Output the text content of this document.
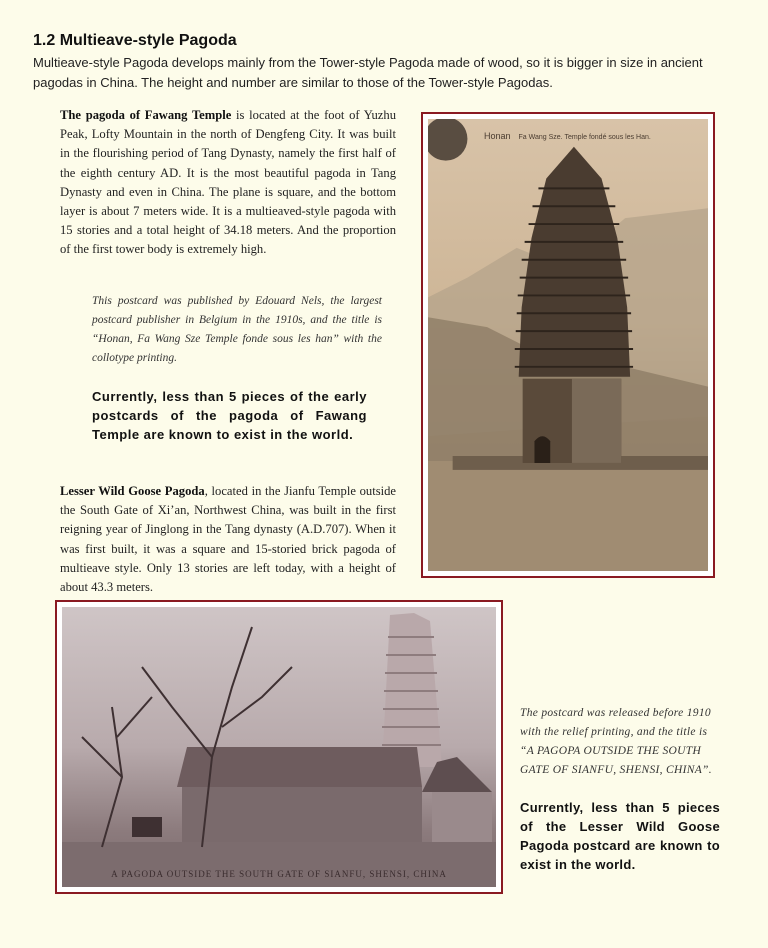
1.2 Multieave-style Pagoda
Multieave-style Pagoda develops mainly from the Tower-style Pagoda made of wood, so it is bigger in size in ancient pagodas in China. The height and number are similar to those of the Tower-style Pagodas.
The pagoda of Fawang Temple is located at the foot of Yuzhu Peak, Lofty Mountain in the north of Dengfeng City. It was built in the flourishing period of Tang Dynasty, namely the first half of the eighth century AD. It is the most beautiful pagoda in Tang Dynasty and even in China. The plane is square, and the bottom layer is about 7 meters wide. It is a multieaved-style pagoda with 15 stories and a total height of 34.18 meters. And the proportion of the first tower body is extremely high.
This postcard was published by Edouard Nels, the largest postcard publisher in Belgium in the 1910s, and the title is “Honan, Fa Wang Sze Temple fonde sous les han” with the collotype printing.
Currently, less than 5 pieces of the early postcards of the pagoda of Fawang Temple are known to exist in the world.
Honan Fa Wang Sze. Temple fondé sous les Han.
Lesser Wild Goose Pagoda, located in the Jianfu Temple outside the South Gate of Xi’an, Northwest China, was built in the first reigning year of Jinglong in the Tang dynasty (A.D.707). When it was first built, it was a square and 15-storied brick pagoda of multieave style. Only 13 stories are left today, with a height of about 43.3 meters.
A PAGODA OUTSIDE THE SOUTH GATE OF SIANFU, SHENSI, CHINA
The postcard was released before 1910 with the relief printing, and the title is “A PAGOPA OUTSIDE THE SOUTH GATE OF SIANFU, SHENSI, CHINA”.
Currently, less than 5 pieces of the Lesser Wild Goose Pagoda postcard are known to exist in the world.
